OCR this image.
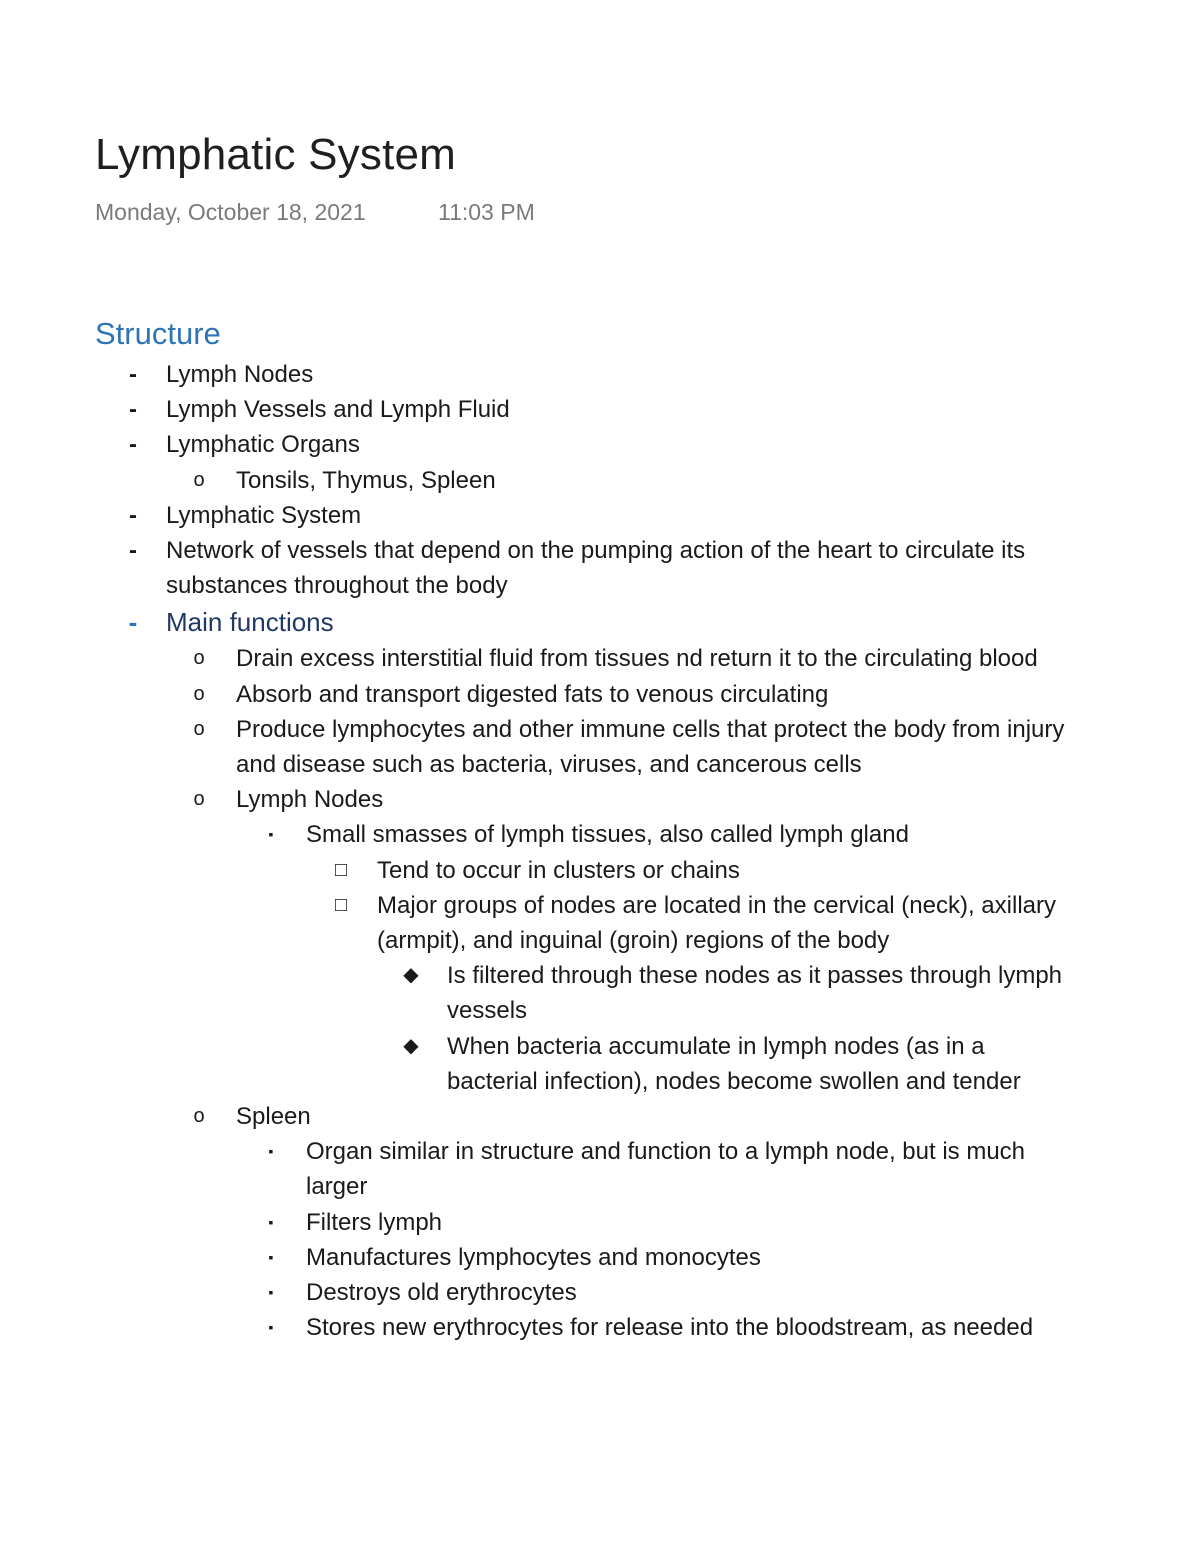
Lymphatic System
Monday, October 18, 2021	11:03 PM
Structure
-	Lymph Nodes
-	Lymph Vessels and Lymph Fluid
-	Lymphatic Organs
o	Tonsils, Thymus, Spleen
-	Lymphatic System
-	Network of vessels that depend on the pumping action of the heart to circulate its substances throughout the body
-	Main functions
o	Drain excess interstitial fluid from tissues nd return it to the circulating blood
o	Absorb and transport digested fats to venous circulating
o	Produce lymphocytes and other immune cells that protect the body from injury and disease such as bacteria, viruses, and cancerous cells
o	Lymph Nodes
▪	Small smasses of lymph tissues, also called lymph gland
□	Tend to occur in clusters or chains
□	Major groups of nodes are located in the cervical (neck), axillary (armpit), and inguinal (groin) regions of the body
◆	Is filtered through these nodes as it passes through lymph vessels
◆	When bacteria accumulate in lymph nodes (as in a bacterial infection), nodes become swollen and tender
o	Spleen
▪	Organ similar in structure and function to a lymph node, but is much larger
▪	Filters lymph
▪	Manufactures lymphocytes and monocytes
▪	Destroys old erythrocytes
▪	Stores new erythrocytes for release into the bloodstream, as needed
